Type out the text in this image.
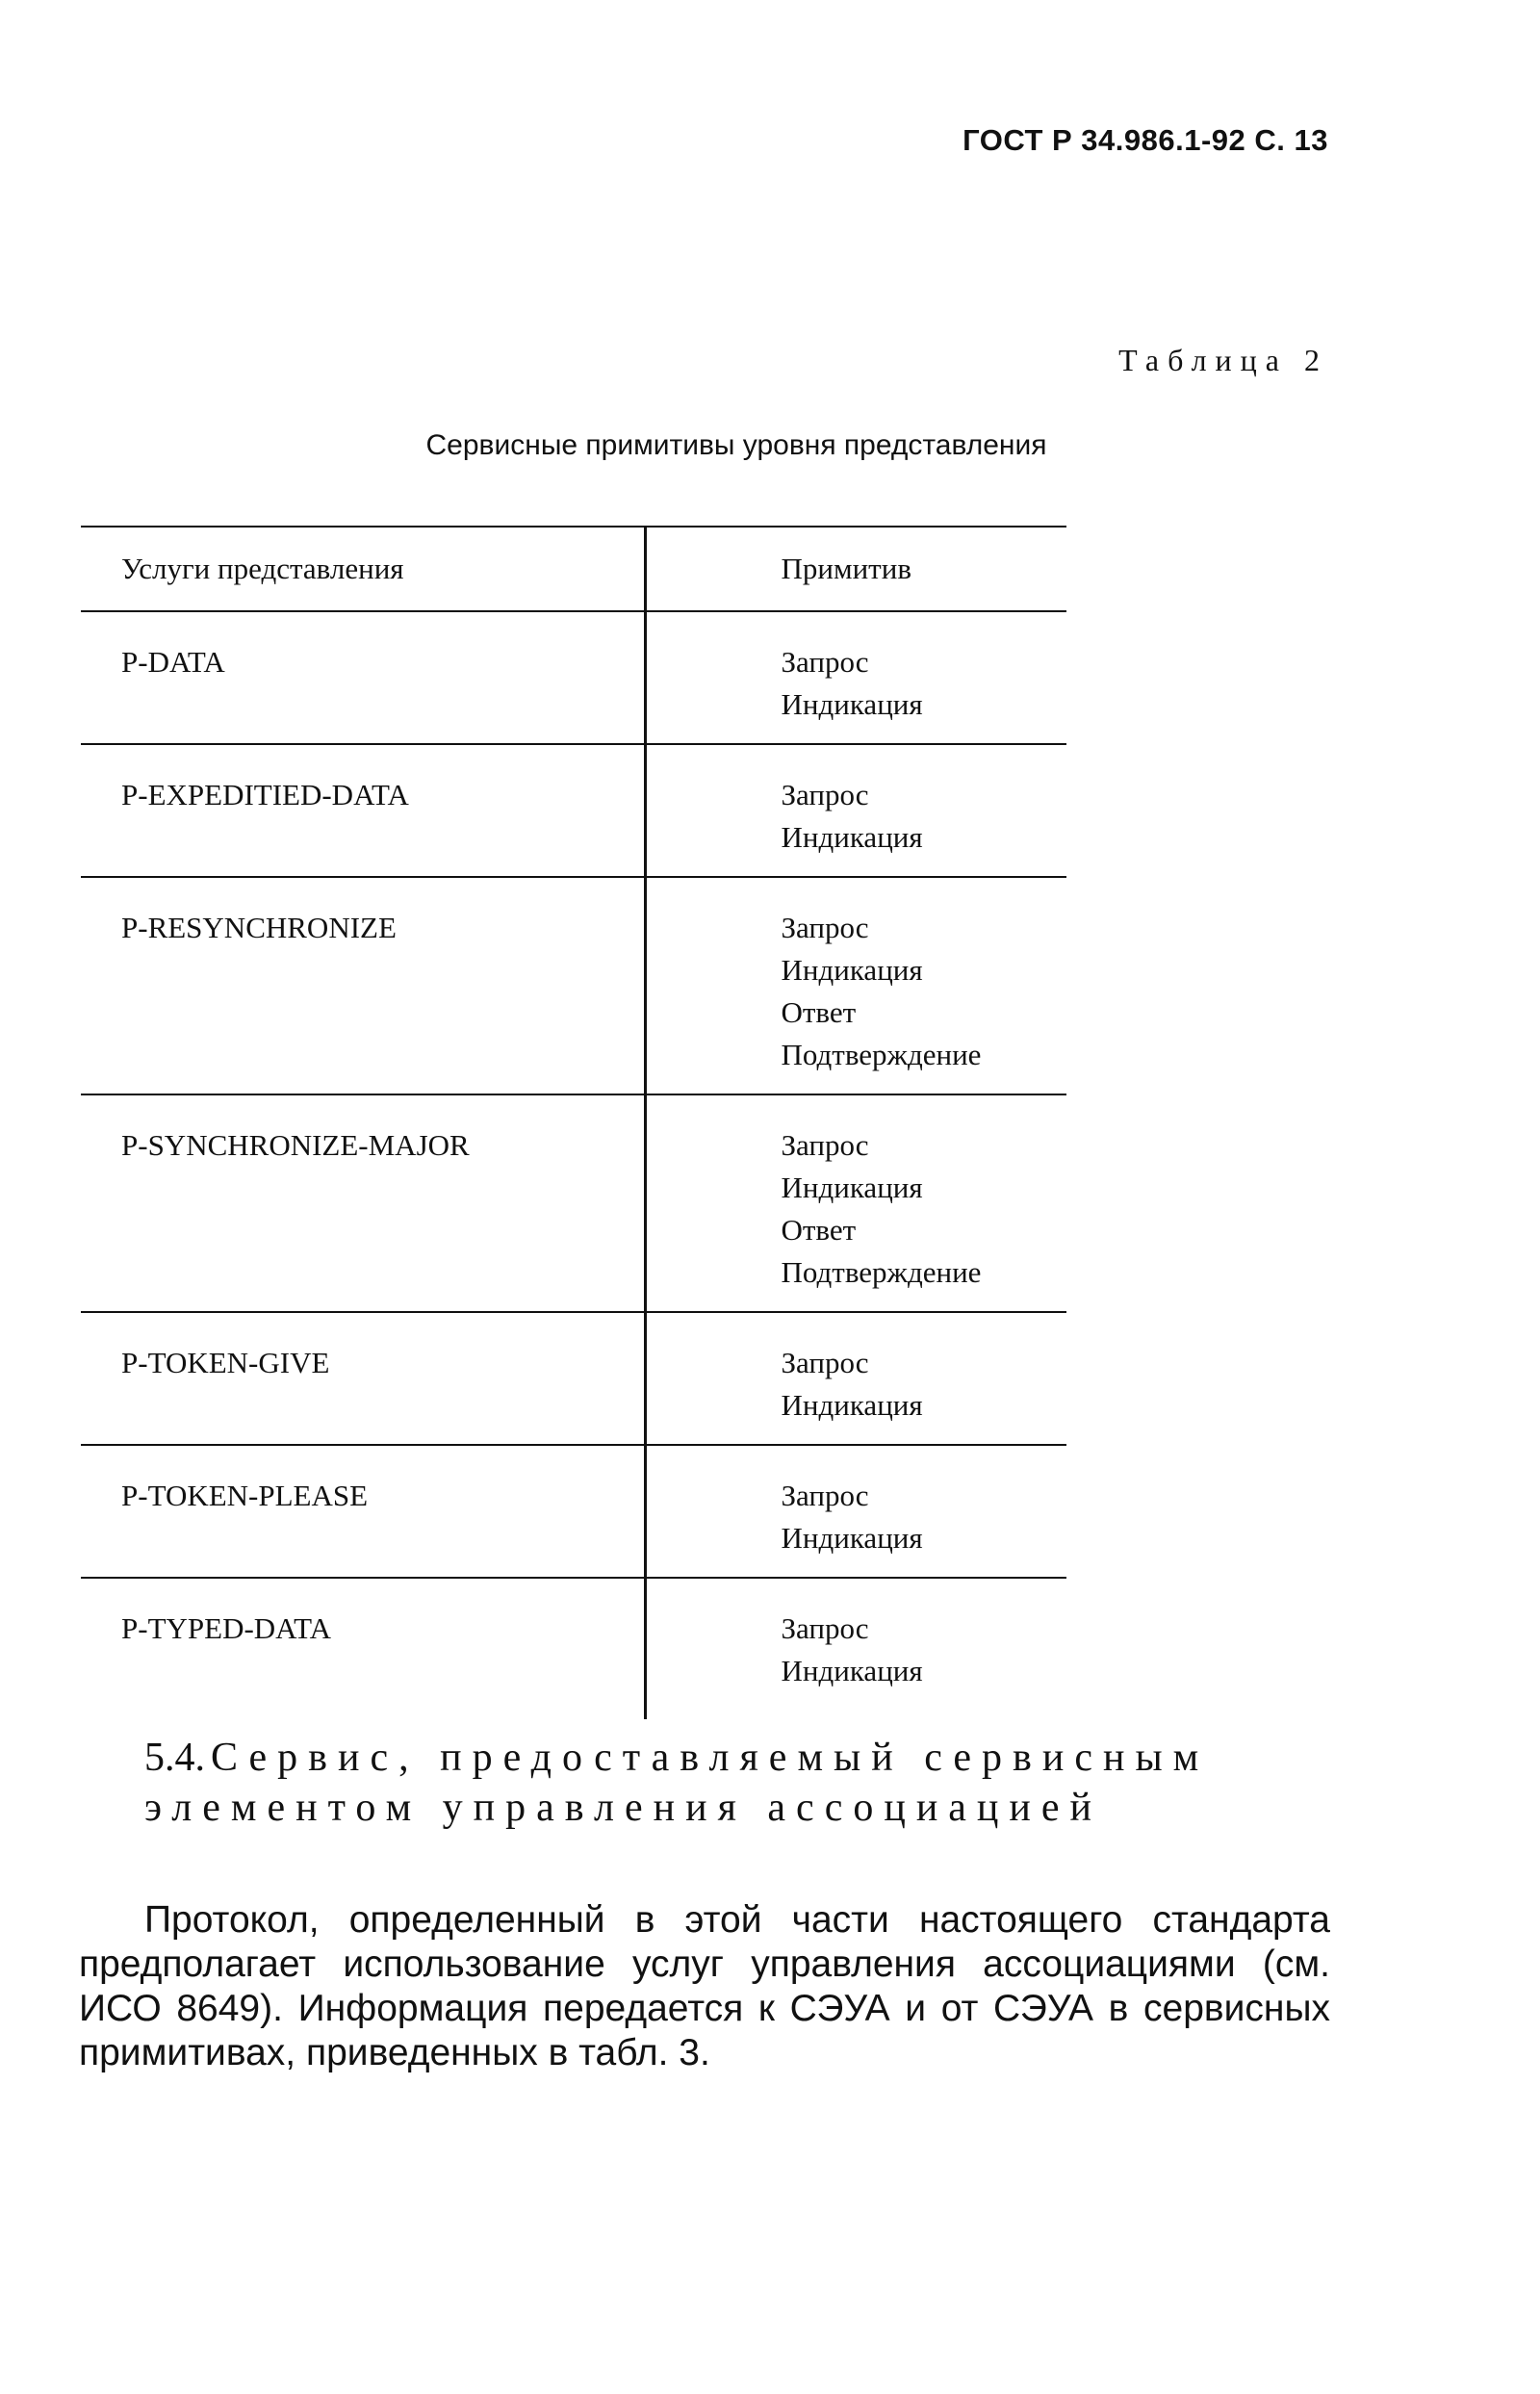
ГОСТ Р 34.986.1-92 С. 13
Таблица 2
Сервисные примитивы уровня представления
Услуги представления	Примитив

P-DATA	Запрос
Индикация

P-EXPEDITIED-DATA	Запрос
Индикация

P-RESYNCHRONIZE	Запрос
Индикация
Ответ
Подтверждение

P-SYNCHRONIZE-MAJOR	Запрос
Индикация
Ответ
Подтверждение

P-TOKEN-GIVE	Запрос
Индикация

P-TOKEN-PLEASE	Запрос
Индикация

P-TYPED-DATA	Запрос
Индикация
5.4. Сервис, предоставляемый сервисным элементом управления ассоциацией
Протокол, определенный в этой части настоящего стандарта предполагает использование услуг управления ассоциациями (см. ИСО 8649). Информация передается к СЭУА и от СЭУА в сервисных примитивах, приведенных в табл. 3.
